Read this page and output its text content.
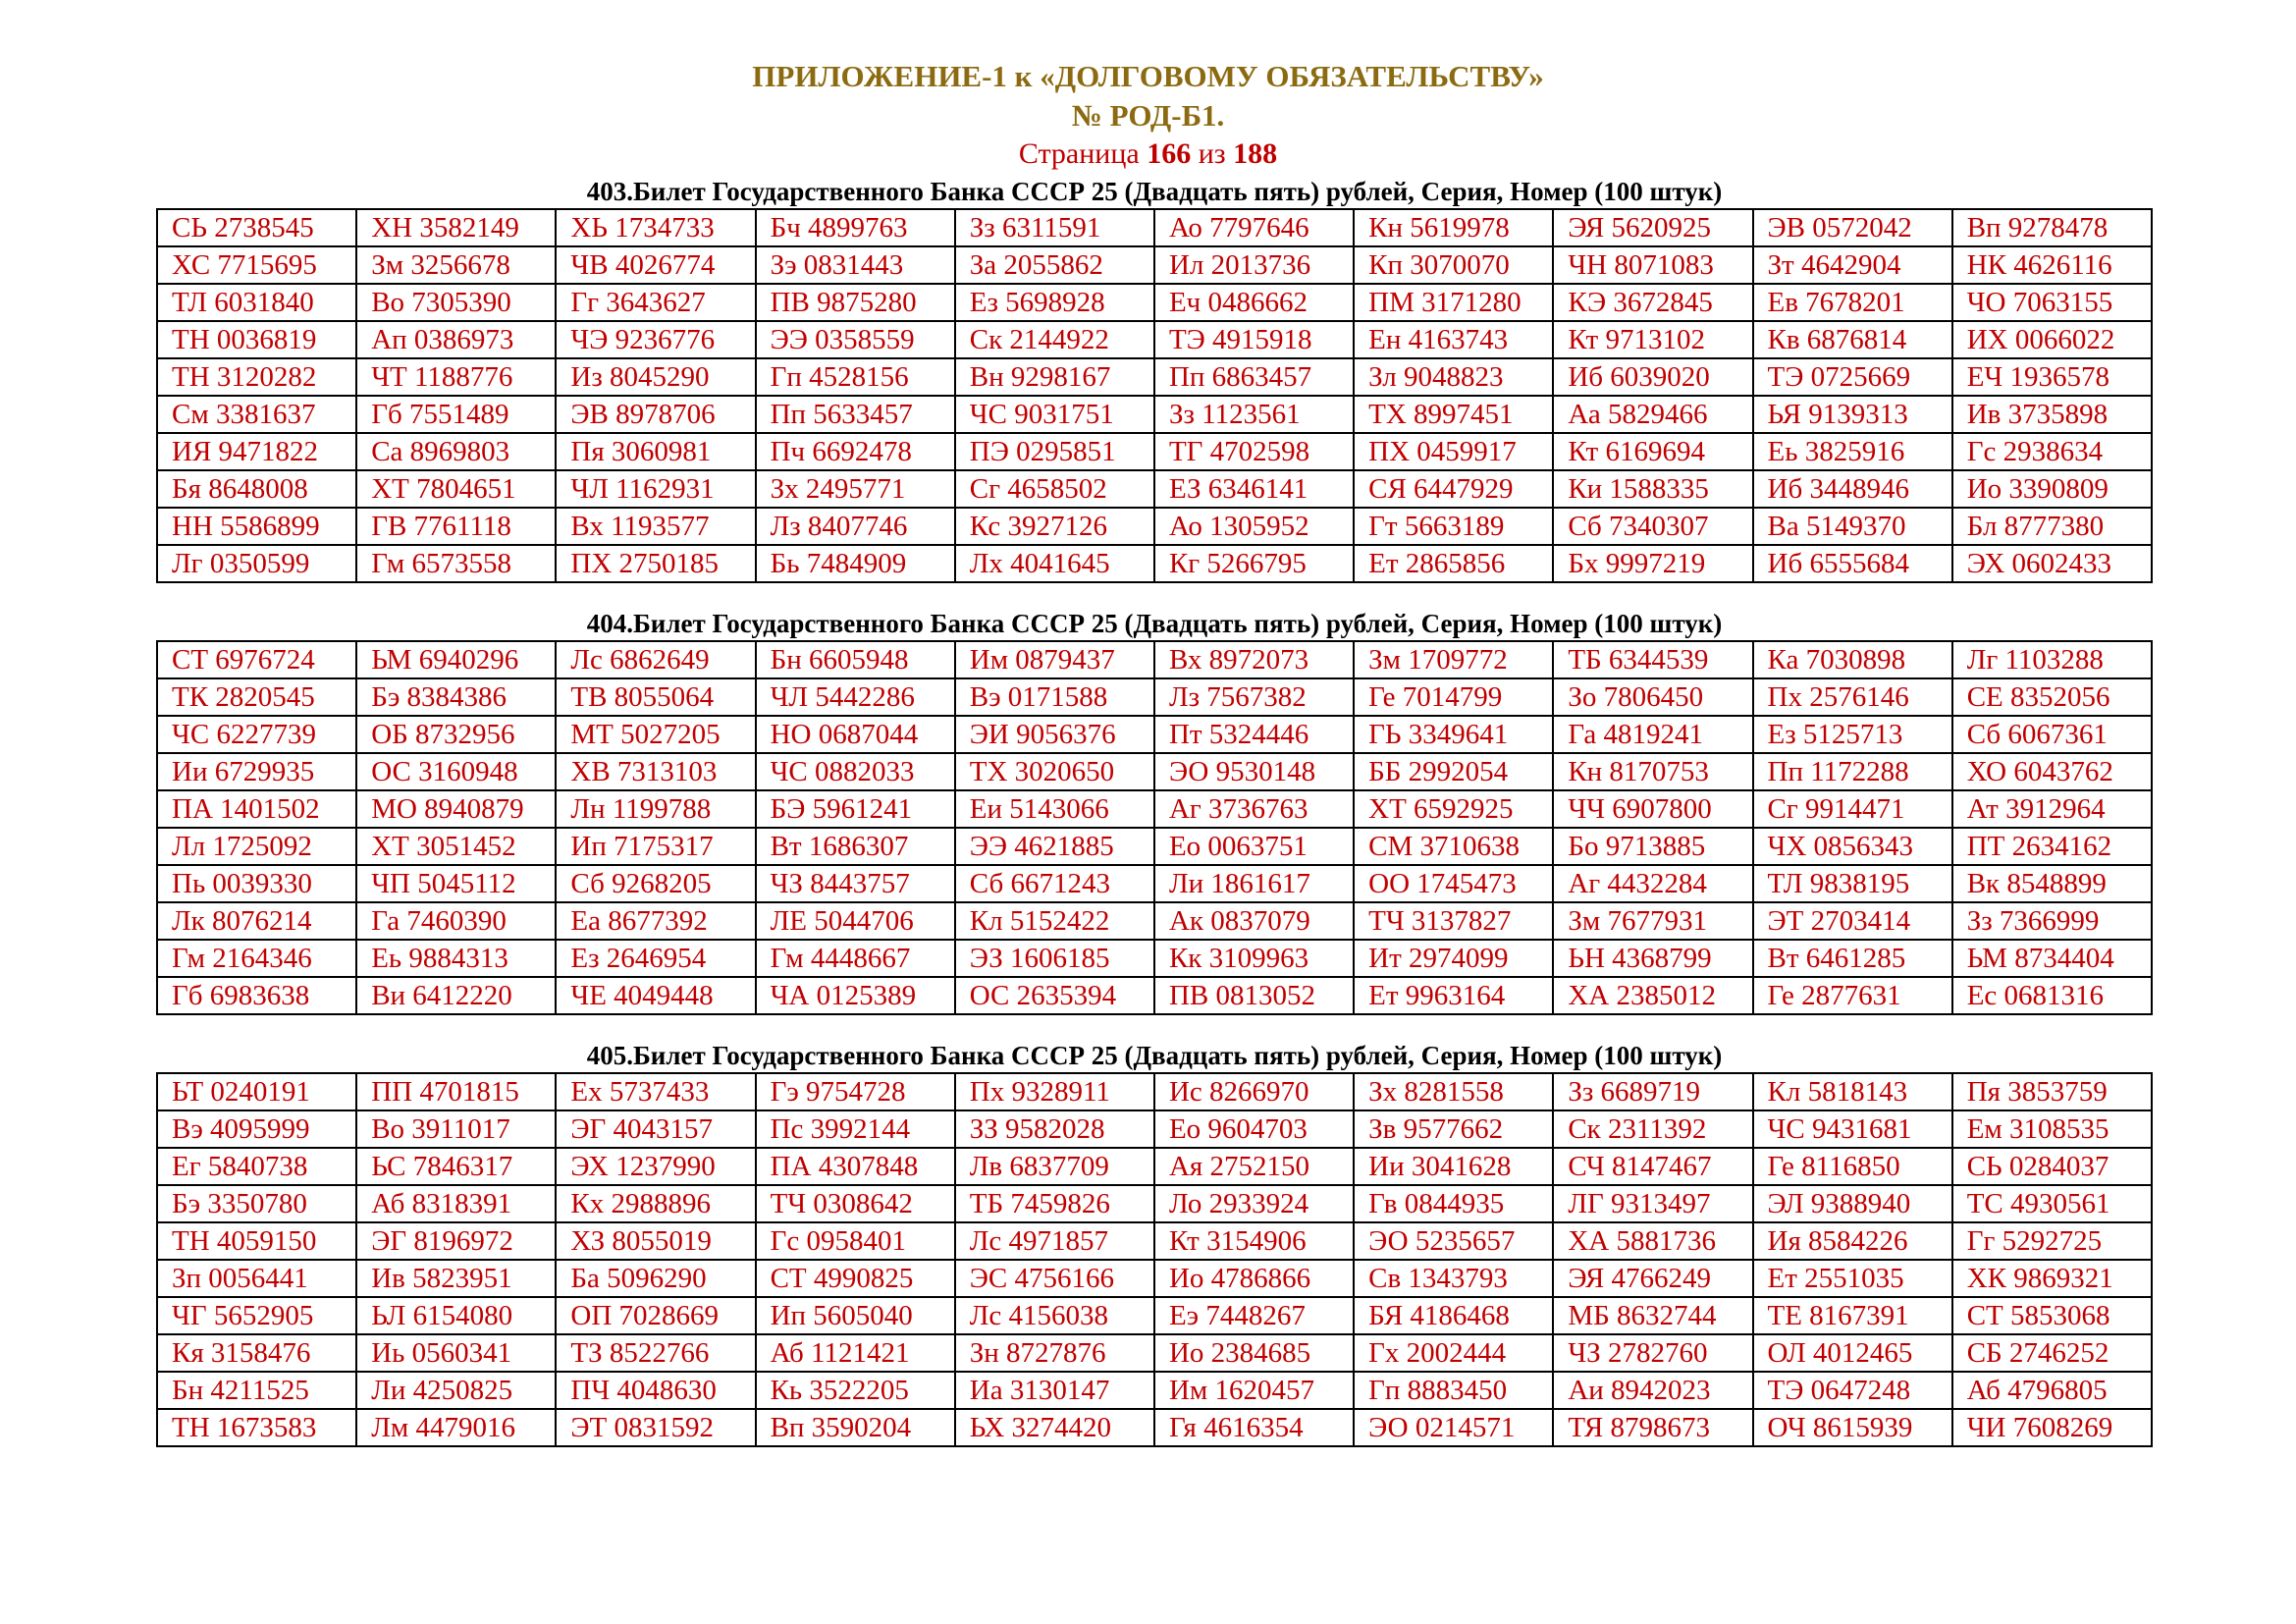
ПРИЛОЖЕНИЕ-1 к «ДОЛГОВОМУ ОБЯЗАТЕЛЬСТВУ»
№ РОД-Б1.
Страница 166 из 188
403.Билет Государственного Банка СССР 25 (Двадцать пять) рублей, Серия, Номер (100 штук)
СЬ 2738545	ХН 3582149	ХЬ 1734733	Бч 4899763	Зз 6311591	Ао 7797646	Кн 5619978	ЭЯ 5620925	ЭВ 0572042	Вп 9278478
ХС 7715695	Зм 3256678	ЧВ 4026774	Зэ 0831443	За 2055862	Ил 2013736	Кп 3070070	ЧН 8071083	Зт 4642904	НК 4626116
ТЛ 6031840	Во 7305390	Гг 3643627	ПВ 9875280	Ез 5698928	Еч 0486662	ПМ 3171280	КЭ 3672845	Ев 7678201	ЧО 7063155
ТН 0036819	Ап 0386973	ЧЭ 9236776	ЭЭ 0358559	Ск 2144922	ТЭ 4915918	Ен 4163743	Кт 9713102	Кв 6876814	ИХ 0066022
ТН 3120282	ЧТ 1188776	Из 8045290	Гп 4528156	Вн 9298167	Пп 6863457	Зл 9048823	Иб 6039020	ТЭ 0725669	ЕЧ 1936578
См 3381637	Гб 7551489	ЭВ 8978706	Пп 5633457	ЧС 9031751	Зз 1123561	ТХ 8997451	Аа 5829466	ЬЯ 9139313	Ив 3735898
ИЯ 9471822	Са 8969803	Пя 3060981	Пч 6692478	ПЭ 0295851	ТГ 4702598	ПХ 0459917	Кт 6169694	Еь 3825916	Гс 2938634
Бя 8648008	ХТ 7804651	ЧЛ 1162931	Зх 2495771	Сг 4658502	ЕЗ 6346141	СЯ 6447929	Ки 1588335	Иб 3448946	Ио 3390809
НН 5586899	ГВ 7761118	Вх 1193577	Лз 8407746	Кс 3927126	Ао 1305952	Гт 5663189	Сб 7340307	Ва 5149370	Бл 8777380
Лг 0350599	Гм 6573558	ПХ 2750185	Бь 7484909	Лх 4041645	Кг 5266795	Ет 2865856	Бх 9997219	Иб 6555684	ЭХ 0602433
404.Билет Государственного Банка СССР 25 (Двадцать пять) рублей, Серия, Номер (100 штук)
СТ 6976724	ЬМ 6940296	Лс 6862649	Бн 6605948	Им 0879437	Вх 8972073	Зм 1709772	ТБ 6344539	Ка 7030898	Лг 1103288
ТК 2820545	Бэ 8384386	ТВ 8055064	ЧЛ 5442286	Вэ 0171588	Лз 7567382	Ге 7014799	Зо 7806450	Пх 2576146	СЕ 8352056
ЧС 6227739	ОБ 8732956	МТ 5027205	НО 0687044	ЭИ 9056376	Пт 5324446	ГЬ 3349641	Га 4819241	Ез 5125713	Сб 6067361
Ии 6729935	ОС 3160948	ХВ 7313103	ЧС 0882033	ТХ 3020650	ЭО 9530148	ББ 2992054	Кн 8170753	Пп 1172288	ХО 6043762
ПА 1401502	МО 8940879	Лн 1199788	БЭ 5961241	Еи 5143066	Аг 3736763	ХТ 6592925	ЧЧ 6907800	Сг 9914471	Ат 3912964
Лл 1725092	ХТ 3051452	Ип 7175317	Вт 1686307	ЭЭ 4621885	Ео 0063751	СМ 3710638	Бо 9713885	ЧХ 0856343	ПТ 2634162
Пь 0039330	ЧП 5045112	Сб 9268205	ЧЗ 8443757	Сб 6671243	Ли 1861617	ОО 1745473	Аг 4432284	ТЛ 9838195	Вк 8548899
Лк 8076214	Га 7460390	Еа 8677392	ЛЕ 5044706	Кл 5152422	Ак 0837079	ТЧ 3137827	Зм 7677931	ЭТ 2703414	Зз 7366999
Гм 2164346	Еь 9884313	Ез 2646954	Гм 4448667	ЭЗ 1606185	Кк 3109963	Ит 2974099	ЬН 4368799	Вт 6461285	ЬМ 8734404
Гб 6983638	Ви 6412220	ЧЕ 4049448	ЧА 0125389	ОС 2635394	ПВ 0813052	Ет 9963164	ХА 2385012	Ге 2877631	Ес 0681316
405.Билет Государственного Банка СССР 25 (Двадцать пять) рублей, Серия, Номер (100 штук)
ЬТ 0240191	ПП 4701815	Ех 5737433	Гэ 9754728	Пх 9328911	Ис 8266970	Зх 8281558	Зз 6689719	Кл 5818143	Пя 3853759
Вэ 4095999	Во 3911017	ЭГ 4043157	Пс 3992144	ЗЗ 9582028	Ео 9604703	Зв 9577662	Ск 2311392	ЧС 9431681	Ем 3108535
Ег 5840738	ЬС 7846317	ЭХ 1237990	ПА 4307848	Лв 6837709	Ая 2752150	Ии 3041628	СЧ 8147467	Ге 8116850	СЬ 0284037
Бэ 3350780	Аб 8318391	Кх 2988896	ТЧ 0308642	ТБ 7459826	Ло 2933924	Гв 0844935	ЛГ 9313497	ЭЛ 9388940	ТС 4930561
ТН 4059150	ЭГ 8196972	ХЗ 8055019	Гс 0958401	Лс 4971857	Кт 3154906	ЭО 5235657	ХА 5881736	Ия 8584226	Гг 5292725
Зп 0056441	Ив 5823951	Ба 5096290	СТ 4990825	ЭС 4756166	Ио 4786866	Св 1343793	ЭЯ 4766249	Ет 2551035	ХК 9869321
ЧГ 5652905	ЬЛ 6154080	ОП 7028669	Ип 5605040	Лс 4156038	Еэ 7448267	БЯ 4186468	МБ 8632744	ТЕ 8167391	СТ 5853068
Кя 3158476	Иь 0560341	ТЗ 8522766	Аб 1121421	Зн 8727876	Ио 2384685	Гх 2002444	ЧЗ 2782760	ОЛ 4012465	СБ 2746252
Бн 4211525	Ли 4250825	ПЧ 4048630	Кь 3522205	Иа 3130147	Им 1620457	Гп 8883450	Аи 8942023	ТЭ 0647248	Аб 4796805
ТН 1673583	Лм 4479016	ЭТ 0831592	Вп 3590204	ЬХ 3274420	Гя 4616354	ЭО 0214571	ТЯ 8798673	ОЧ 8615939	ЧИ 7608269
